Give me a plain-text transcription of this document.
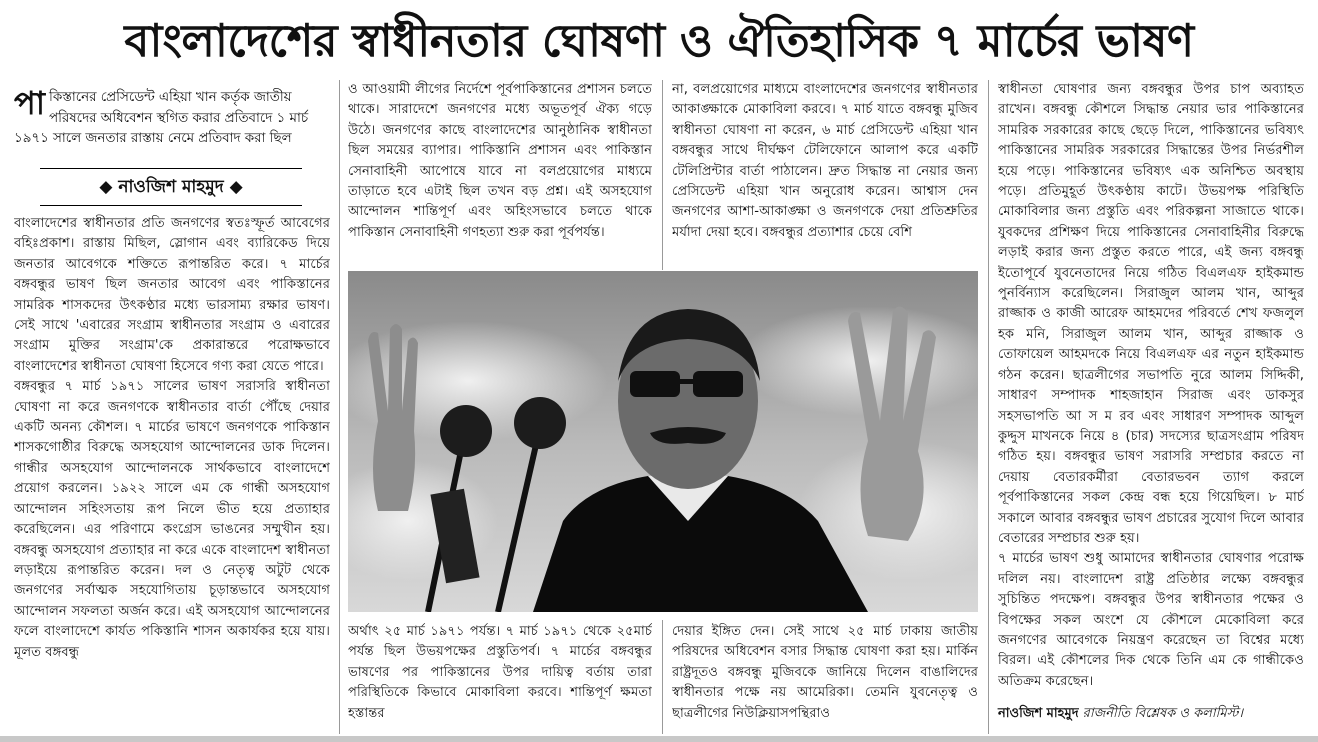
বাংলাদেশের স্বাধীনতার ঘোষণা ও ঐতিহাসিক ৭ মার্চের ভাষণ
পাকিস্তানের প্রেসিডেন্ট এহিয়া খান কর্তৃক জাতীয় পরিষদের অধিবেশন স্থগিত করার প্রতিবাদে ১ মার্চ ১৯৭১ সালে জনতার রাস্তায় নেমে প্রতিবাদ করা ছিল
◆ নাওজিশ মাহমুদ ◆

বাংলাদেশের স্বাধীনতার প্রতি জনগণের স্বতঃস্ফূর্ত আবেগের বহিঃপ্রকাশ। রাস্তায় মিছিল, স্লোগান এবং ব্যারিকেড দিয়ে জনতার আবেগকে শক্তিতে রূপান্তরিত করে। ৭ মার্চের বঙ্গবন্ধুর ভাষণ ছিল জনতার আবেগ এবং পাকিস্তানের সামরিক শাসকদের উৎকণ্ঠার মধ্যে ভারসাম্য রক্ষার ভাষণ। সেই সাথে 'এবারের সংগ্রাম স্বাধীনতার সংগ্রাম ও এবারের সংগ্রাম মুক্তির সংগ্রাম'কে প্রকারান্তরে পরোক্ষভাবে বাংলাদেশের স্বাধীনতা ঘোষণা হিসেবে গণ্য করা যেতে পারে।

বঙ্গবন্ধুর ৭ মার্চ ১৯৭১ সালের ভাষণ সরাসরি স্বাধীনতা ঘোষণা না করে জনগণকে স্বাধীনতার বার্তা পৌঁছে দেয়ার একটি অনন্য কৌশল। ৭ মার্চের ভাষণে জনগণকে পাকিস্তান শাসকগোষ্ঠীর বিরুদ্ধে অসহযোগ আন্দোলনের ডাক দিলেন। গান্ধীর অসহযোগ আন্দোলনকে সার্থকভাবে বাংলাদেশে প্রয়োগ করলেন। ১৯২২ সালে এম কে গান্ধী অসহযোগ আন্দোলন সহিংসতায় রূপ নিলে ভীত হয়ে প্রত্যাহার করেছিলেন। এর পরিণামে কংগ্রেস ভাঙনের সম্মুখীন হয়। বঙ্গবন্ধু অসহযোগ প্রত্যাহার না করে একে বাংলাদেশ স্বাধীনতা লড়াইয়ে রূপান্তরিত করেন। দল ও নেতৃত্ব অটুট থেকে জনগণের সর্বাত্মক সহযোগিতায় চূড়ান্তভাবে অসহযোগ আন্দোলন সফলতা অর্জন করে। এই অসহযোগ আন্দোলনের ফলে বাংলাদেশে কার্যত পকিস্তানি শাসন অকার্যকর হয়ে যায়। মূলত বঙ্গবন্ধু

ও আওয়ামী লীগের নির্দেশে পূর্বপাকিস্তানের প্রশাসন চলতে থাকে। সারাদেশে জনগণের মধ্যে অভূতপূর্ব ঐক্য গড়ে উঠে। জনগণের কাছে বাংলাদেশের আনুষ্ঠানিক স্বাধীনতা ছিল সময়ের ব্যাপার। পাকিস্তানি প্রশাসন এবং পাকিস্তান সেনাবাহিনী আপোষে যাবে না বলপ্রয়োগের মাধ্যমে তাড়াতে হবে এটাই ছিল তখন বড় প্রশ্ন। এই অসহযোগ আন্দোলন শান্তিপূর্ণ এবং অহিংসভাবে চলতে থাকে পাকিস্তান সেনাবাহিনী গণহত্যা শুরু করা পূর্বপর্যন্ত।

না, বলপ্রয়োগের মাধ্যমে বাংলাদেশের জনগণের স্বাধীনতার আকাঙ্ক্ষাকে মোকাবিলা করবে। ৭ মার্চ যাতে বঙ্গবন্ধু মুজিব স্বাধীনতা ঘোষণা না করেন, ৬ মার্চ প্রেসিডেন্ট এহিয়া খান বঙ্গবন্ধুর সাথে দীর্ঘক্ষণ টেলিফোনে আলাপ করে একটি টেলিপ্রিন্টার বার্তা পাঠালেন। দ্রুত সিদ্ধান্ত না নেয়ার জন্য প্রেসিডেন্ট এহিয়া খান অনুরোধ করেন। আশ্বাস দেন জনগণের আশা-আকাঙ্ক্ষা ও জনগণকে দেয়া প্রতিশ্রুতির মর্যাদা দেয়া হবে। বঙ্গবন্ধুর প্রত্যাশার চেয়ে বেশি

অর্থাৎ ২৫ মার্চ ১৯৭১ পর্যন্ত। ৭ মার্চ ১৯৭১ থেকে ২৫মার্চ পর্যন্ত ছিল উভয়পক্ষের প্রস্তুতিপর্ব। ৭ মার্চের বঙ্গবন্ধুর ভাষণের পর পাকিস্তানের উপর দায়িত্ব বর্তায় তারা পরিস্থিতিকে কিভাবে মোকাবিলা করবে। শান্তিপূর্ণ ক্ষমতা হস্তান্তর

দেয়ার ইঙ্গিত দেন। সেই সাথে ২৫ মার্চ ঢাকায় জাতীয় পরিষদের অধিবেশন বসার সিদ্ধান্ত ঘোষণা করা হয়। মার্কিন রাষ্ট্রদূতও বঙ্গবন্ধু মুজিবকে জানিয়ে দিলেন বাঙালিদের স্বাধীনতার পক্ষে নয় আমেরিকা। তেমনি যুবনেতৃত্ব ও ছাত্রলীগের নিউক্লিয়াসপন্থিরাও

স্বাধীনতা ঘোষণার জন্য বঙ্গবন্ধুর উপর চাপ অব্যাহত রাখেন। বঙ্গবন্ধু কৌশলে সিদ্ধান্ত নেয়ার ভার পাকিস্তানের সামরিক সরকারের কাছে ছেড়ে দিলে, পাকিস্তানের ভবিষ্যৎ পাকিস্তানের সামরিক সরকারের সিদ্ধান্তের উপর নির্ভরশীল হয়ে পড়ে। পাকিস্তানের ভবিষ্যৎ এক অনিশ্চিত অবস্থায় পড়ে। প্রতিমুহূর্ত উৎকণ্ঠায় কাটে। উভয়পক্ষ পরিস্থিতি মোকাবিলার জন্য প্রস্তুতি এবং পরিকল্পনা সাজাতে থাকে। যুবকদের প্রশিক্ষণ দিয়ে পাকিস্তানের সেনাবাহিনীর বিরুদ্ধে লড়াই করার জন্য প্রস্তুত করতে পারে, এই জন্য বঙ্গবন্ধু ইতোপূর্বে যুবনেতাদের নিয়ে গঠিত বিএলএফ হাইকমান্ড পুনর্বিন্যাস করেছিলেন। সিরাজুল আলম খান, আব্দুর রাজ্জাক ও কাজী আরেফ আহমদের পরিবর্তে শেখ ফজলুল হক মনি, সিরাজুল আলম খান, আব্দুর রাজ্জাক ও তোফায়েল আহমদকে নিয়ে বিএলএফ এর নতুন হাইকমান্ড গঠন করেন। ছাত্রলীগের সভাপতি নুরে আলম সিদ্দিকী, সাধারণ সম্পাদক শাহজাহান সিরাজ এবং ডাকসুর সহসভাপতি আ স ম রব এবং সাধারণ সম্পাদক আব্দুল কুদ্দুস মাখনকে নিয়ে ৪ (চার) সদস্যের ছাত্রসংগ্রাম পরিষদ গঠিত হয়। বঙ্গবন্ধুর ভাষণ সরাসরি সম্প্রচার করতে না দেয়ায় বেতারকর্মীরা বেতারভবন ত্যাগ করলে পূর্বপাকিস্তানের সকল কেন্দ্র বন্ধ হয়ে গিয়েছিল। ৮ মার্চ সকালে আবার বঙ্গবন্ধুর ভাষণ প্রচারের সুযোগ দিলে আবার বেতারের সম্প্রচার শুরু হয়।

৭ মার্চের ভাষণ শুধু আমাদের স্বাধীনতার ঘোষণার পরোক্ষ দলিল নয়। বাংলাদেশ রাষ্ট্র প্রতিষ্ঠার লক্ষ্যে বঙ্গবন্ধুর সুচিন্তিত পদক্ষেপ। বঙ্গবন্ধুর উপর স্বাধীনতার পক্ষের ও বিপক্ষের সকল অংশে যে কৌশলে মেকোবিলা করে জনগণের আবেগকে নিয়ন্ত্রণ করেছেন তা বিশ্বের মধ্যে বিরল। এই কৌশলের দিক থেকে তিনি এম কে গান্ধীকেও অতিক্রম করেছেন।

নাওজিশ মাহমুদ রাজনীতি বিশ্লেষক ও কলামিস্ট।
